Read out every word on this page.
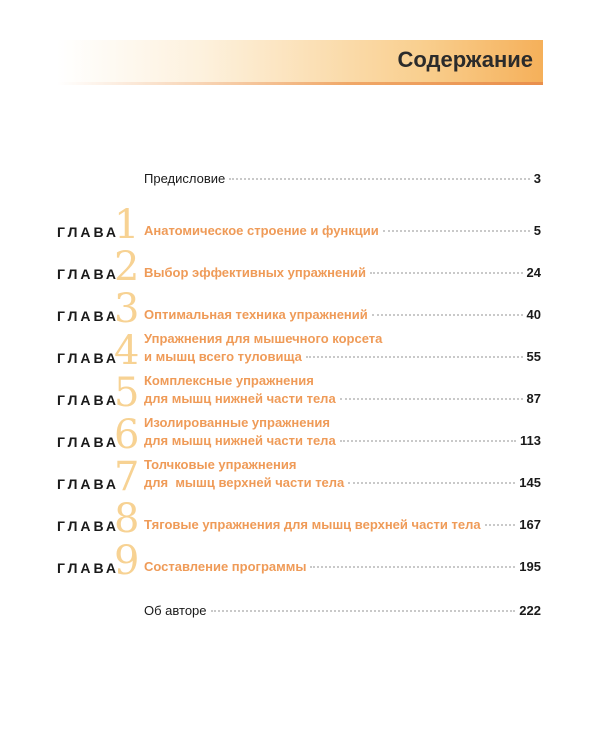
Содержание
Предисловие	3
ГЛАВА
1 Анатомическое строение и функции	5
ГЛАВА
2 Выбор эффективных упражнений	24
ГЛАВА
3 Оптимальная техника упражнений	40
ГЛАВА
4 Упражнения для мышечного корсета
и мышц всего туловища	55
ГЛАВА
5 Комплексные упражнения
для мышц нижней части тела	87
ГЛАВА
6 Изолированные упражнения
для мышц нижней части тела	113
ГЛАВА
7 Толчковые упражнения
для  мышц верхней части тела	145
ГЛАВА
8 Тяговые упражнения для мышц верхней части тела	167
ГЛАВА
9 Составление программы	195
Об авторе	222
